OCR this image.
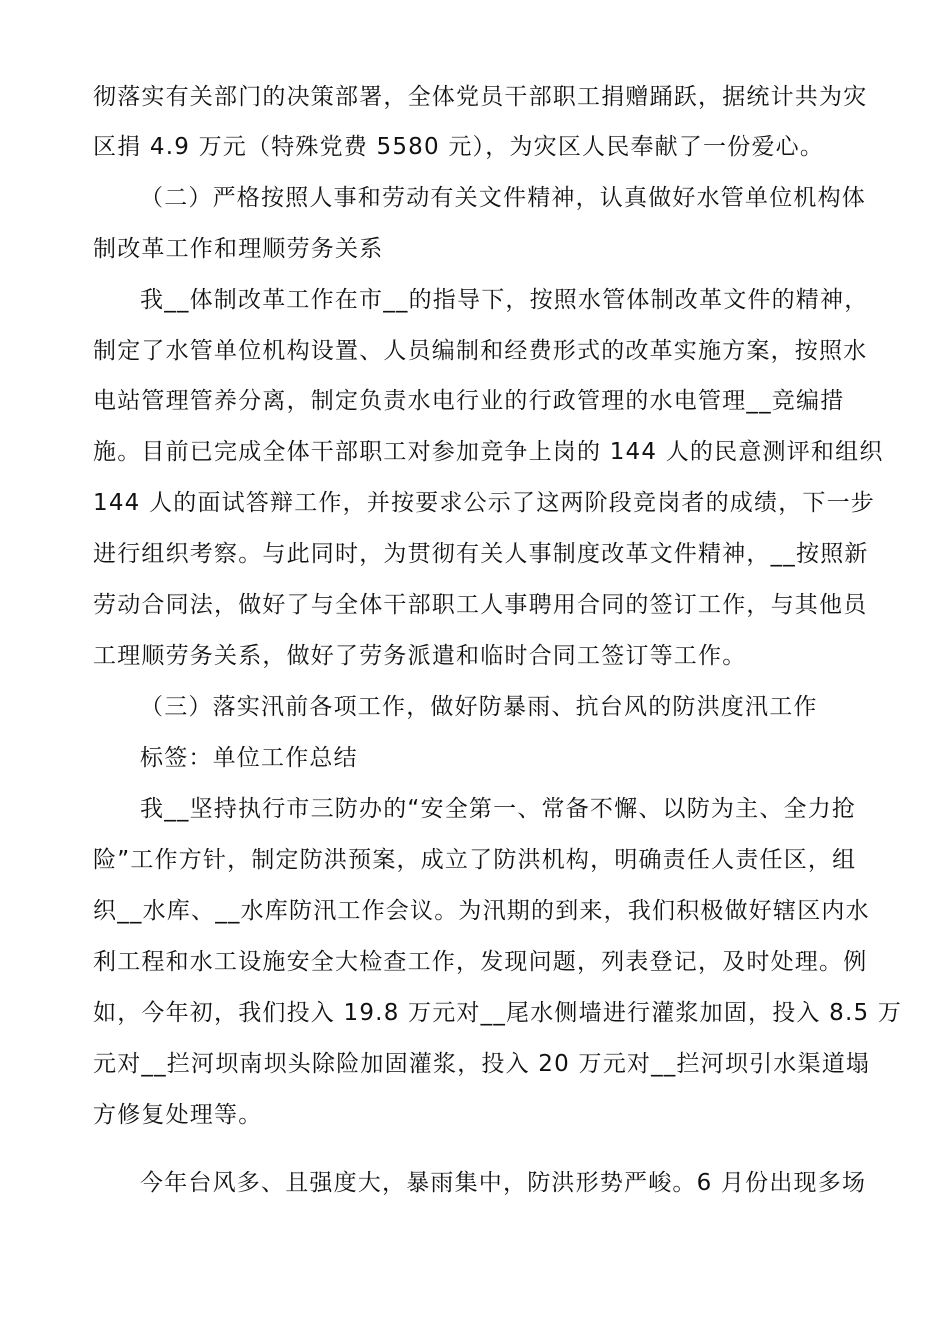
彻落实有关部门的决策部署，全体党员干部职工捐赠踊跃，据统计共为灾
区捐 4.9 万元（特殊党费 5580 元），为灾区人民奉献了一份爱心。
（二）严格按照人事和劳动有关文件精神，认真做好水管单位机构体
制改革工作和理顺劳务关系
我__体制改革工作在市__的指导下，按照水管体制改革文件的精神，
制定了水管单位机构设置、人员编制和经费形式的改革实施方案，按照水
电站管理管养分离，制定负责水电行业的行政管理的水电管理__竞编措
施。目前已完成全体干部职工对参加竞争上岗的 144 人的民意测评和组织
144 人的面试答辩工作，并按要求公示了这两阶段竞岗者的成绩，下一步
进行组织考察。与此同时，为贯彻有关人事制度改革文件精神，__按照新
劳动合同法，做好了与全体干部职工人事聘用合同的签订工作，与其他员
工理顺劳务关系，做好了劳务派遣和临时合同工签订等工作。
（三）落实汛前各项工作，做好防暴雨、抗台风的防洪度汛工作
标签：单位工作总结
我__坚持执行市三防办的“安全第一、常备不懈、以防为主、全力抢
险”工作方针，制定防洪预案，成立了防洪机构，明确责任人责任区，组
织__水库、__水库防汛工作会议。为汛期的到来，我们积极做好辖区内水
利工程和水工设施安全大检查工作，发现问题，列表登记，及时处理。例
如，今年初，我们投入 19.8 万元对__尾水侧墙进行灌浆加固，投入 8.5 万
元对__拦河坝南坝头除险加固灌浆，投入 20 万元对__拦河坝引水渠道塌
方修复处理等。
今年台风多、且强度大，暴雨集中，防洪形势严峻。6 月份出现多场
